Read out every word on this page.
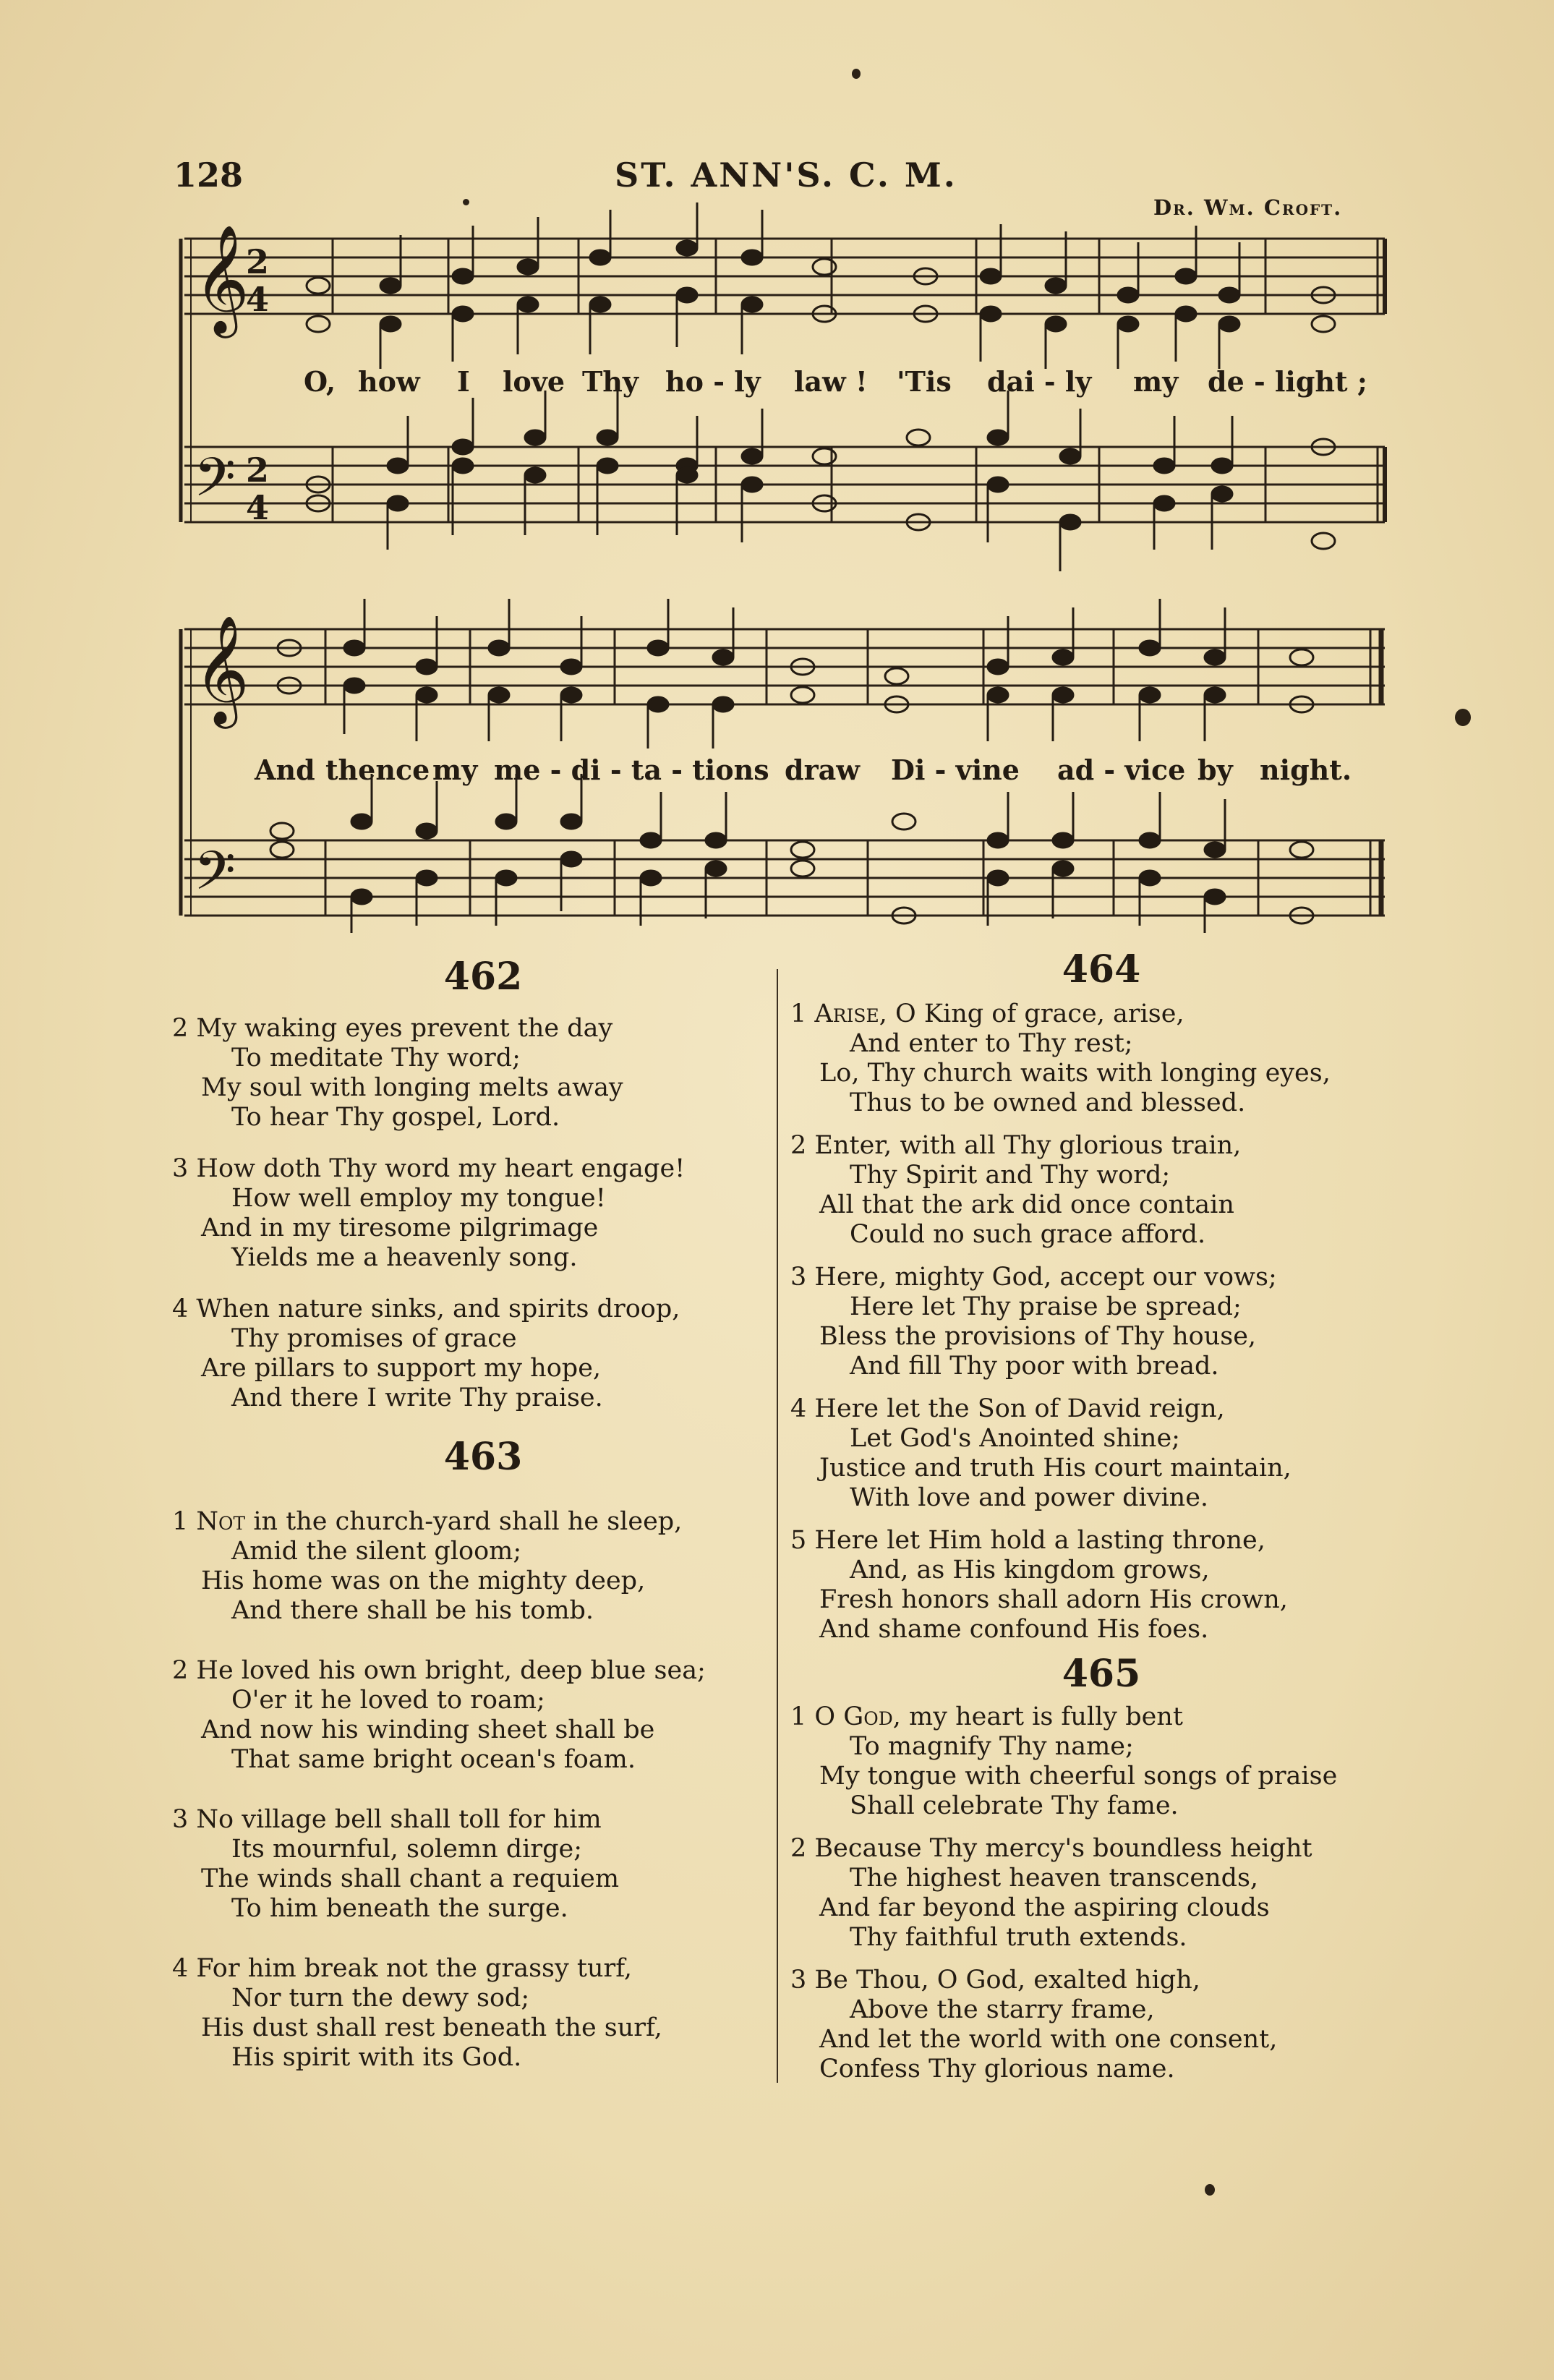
128	ST. ANN'S. C. M.
Dr. Wm. Croft.
𝄞
𝄢
2
4
2
4
𝄞
𝄢
O, how I love Thy ho - ly law ! 'Tis dai - ly my de - light ;
And thence my me - di - ta - tions draw Di - vine ad - vice by night.
462
2 My waking eyes prevent the day
To meditate Thy word;
My soul with longing melts away
To hear Thy gospel, Lord.
3 How doth Thy word my heart engage!
How well employ my tongue!
And in my tiresome pilgrimage
Yields me a heavenly song.
4 When nature sinks, and spirits droop,
Thy promises of grace
Are pillars to support my hope,
And there I write Thy praise.
463
1 Not in the church-yard shall he sleep,
Amid the silent gloom;
His home was on the mighty deep,
And there shall be his tomb.
2 He loved his own bright, deep blue sea;
O'er it he loved to roam;
And now his winding sheet shall be
That same bright ocean's foam.
3 No village bell shall toll for him
Its mournful, solemn dirge;
The winds shall chant a requiem
To him beneath the surge.
4 For him break not the grassy turf,
Nor turn the dewy sod;
His dust shall rest beneath the surf,
His spirit with its God.
464
1 Arise, O King of grace, arise,
And enter to Thy rest;
Lo, Thy church waits with longing eyes,
Thus to be owned and blessed.
2 Enter, with all Thy glorious train,
Thy Spirit and Thy word;
All that the ark did once contain
Could no such grace afford.
3 Here, mighty God, accept our vows;
Here let Thy praise be spread;
Bless the provisions of Thy house,
And fill Thy poor with bread.
4 Here let the Son of David reign,
Let God's Anointed shine;
Justice and truth His court maintain,
With love and power divine.
5 Here let Him hold a lasting throne,
And, as His kingdom grows,
Fresh honors shall adorn His crown,
And shame confound His foes.
465
1 O God, my heart is fully bent
To magnify Thy name;
My tongue with cheerful songs of praise
Shall celebrate Thy fame.
2 Because Thy mercy's boundless height
The highest heaven transcends,
And far beyond the aspiring clouds
Thy faithful truth extends.
3 Be Thou, O God, exalted high,
Above the starry frame,
And let the world with one consent,
Confess Thy glorious name.
